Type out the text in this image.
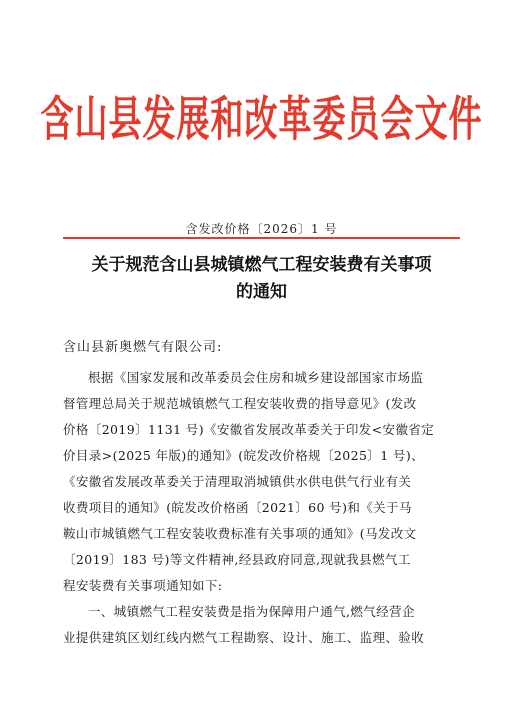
含山县发展和改革委员会文件
含发改价格〔2026〕1 号
关于规范含山县城镇燃气工程安装费有关事项
的通知
含山县新奥燃气有限公司:
根据《国家发展和改革委员会住房和城乡建设部国家市场监
督管理总局关于规范城镇燃气工程安装收费的指导意见》(发改
价格〔2019〕1131 号)《安徽省发展改革委关于印发<安徽省定
价目录>(2025 年版)的通知》(皖发改价格规〔2025〕1 号)、
《安徽省发展改革委关于清理取消城镇供水供电供气行业有关
收费项目的通知》(皖发改价格函〔2021〕60 号)和《关于马
鞍山市城镇燃气工程安装收费标准有关事项的通知》(马发改文
〔2019〕183 号)等文件精神,经县政府同意,现就我县燃气工
程安装费有关事项通知如下:
一、城镇燃气工程安装费是指为保障用户通气,燃气经营企
业提供建筑区划红线内燃气工程勘察、设计、施工、监理、验收
